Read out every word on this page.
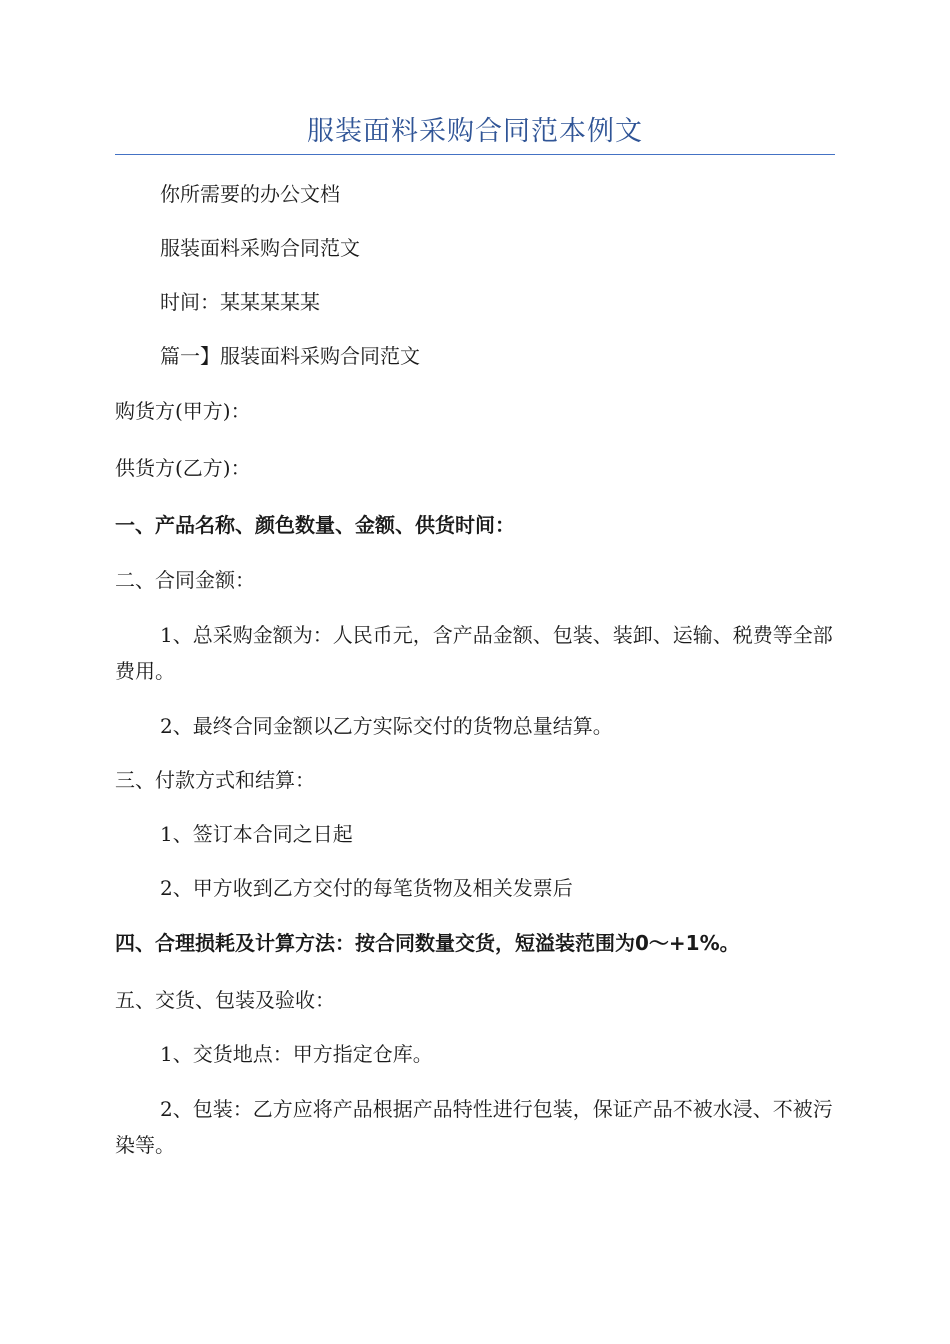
服装面料采购合同范本例文
你所需要的办公文档
服装面料采购合同范文
时间：某某某某某
篇一】服装面料采购合同范文
购货方(甲方)：
供货方(乙方)：
一、产品名称、颜色数量、金额、供货时间：
二、合同金额：
1、总采购金额为：人民币元，含产品金额、包装、装卸、运输、税费等全部费用。
2、最终合同金额以乙方实际交付的货物总量结算。
三、付款方式和结算：
1、签订本合同之日起
2、甲方收到乙方交付的每笔货物及相关发票后
四、合理损耗及计算方法：按合同数量交货，短溢装范围为0～+1%。
五、交货、包装及验收：
1、交货地点：甲方指定仓库。
2、包装：乙方应将产品根据产品特性进行包装，保证产品不被水浸、不被污染等。
